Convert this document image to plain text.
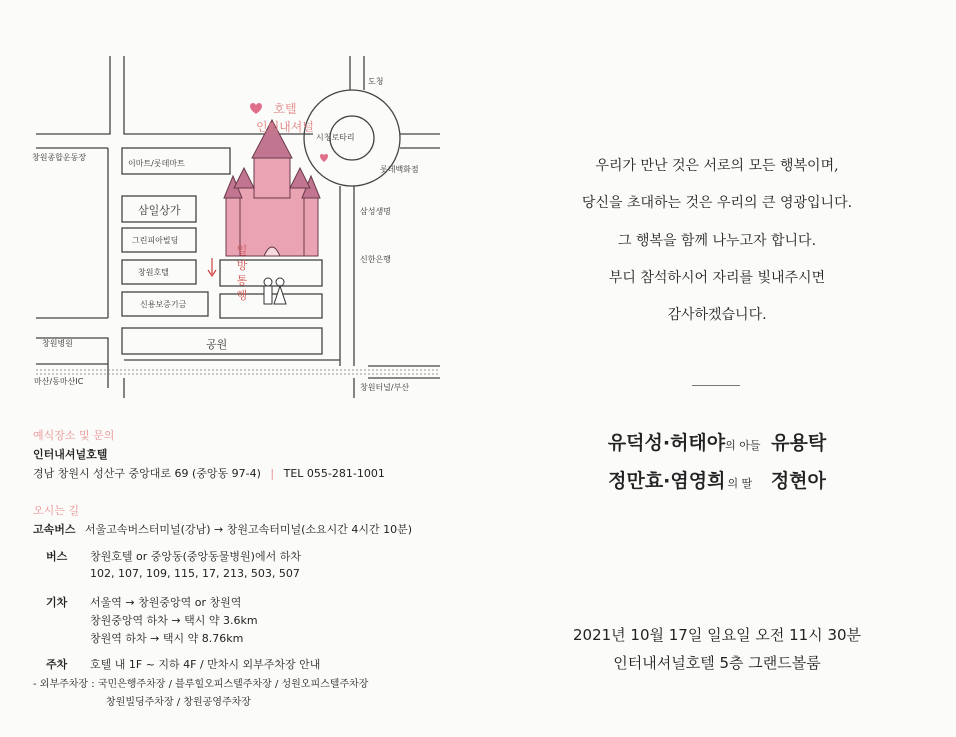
호텔
인터내셔널
도청
시청로타리
창원종합운동장
이마트/롯데마트
롯데백화점
삼일상가	삼성생명
그린피아빌딩
신한은행
창원호텔
신용보증기금
일
방
통
행
창원병원	공원
마산/동마산IC
창원터널/부산
예식장소 및 문의
인터내셔널호텔
경남 창원시 성산구 중앙대로 69 (중앙동 97-4) | TEL 055-281-1001
오시는 길
고속버스 서울고속버스터미널(강남) → 창원고속터미널(소요시간 4시간 10분)
버스 창원호텔 or 중앙동(중앙동물병원)에서 하차
102, 107, 109, 115, 17, 213, 503, 507
기차 서울역 → 창원중앙역 or 창원역
창원중앙역 하차 → 택시 약 3.6km
창원역 하차 → 택시 약 8.76km
주차 호텔 내 1F ~ 지하 4F / 만차시 외부주차장 안내
- 외부주차장 : 국민은행주차장 / 블루힐오피스텔주차장 / 성원오피스텔주차장
창원빌딩주차장 / 창원공영주차장
우리가 만난 것은 서로의 모든 행복이며,
당신을 초대하는 것은 우리의 큰 영광입니다.
그 행복을 함께 나누고자 합니다.
부디 참석하시어 자리를 빛내주시면
감사하겠습니다.
유덕성·허태야의 아들 유용탁
정만효·염영희 의 딸 정현아
2021년 10월 17일 일요일 오전 11시 30분
인터내셔널호텔 5층 그랜드볼룸
